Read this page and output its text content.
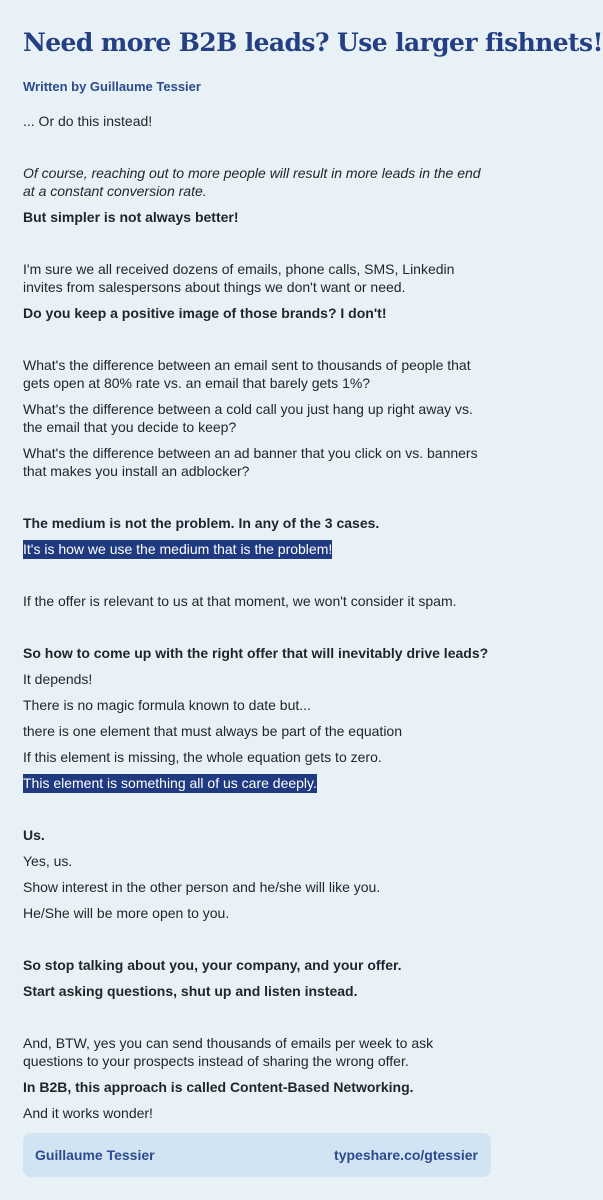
Need more B2B leads? Use larger fishnets!
Written by Guillaume Tessier

... Or do this instead!

Of course, reaching out to more people will result in more leads in the end at a constant conversion rate.

But simpler is not always better!

I'm sure we all received dozens of emails, phone calls, SMS, Linkedin invites from salespersons about things we don't want or need.

Do you keep a positive image of those brands? I don't!

What's the difference between an email sent to thousands of people that gets open at 80% rate vs. an email that barely gets 1%?

What's the difference between a cold call you just hang up right away vs. the email that you decide to keep?

What's the difference between an ad banner that you click on vs. banners that makes you install an adblocker?

The medium is not the problem. In any of the 3 cases.

It's is how we use the medium that is the problem!

If the offer is relevant to us at that moment, we won't consider it spam.

So how to come up with the right offer that will inevitably drive leads?

It depends!

There is no magic formula known to date but...

there is one element that must always be part of the equation

If this element is missing, the whole equation gets to zero.

This element is something all of us care deeply.

Us.

Yes, us.

Show interest in the other person and he/she will like you.

He/She will be more open to you.

So stop talking about you, your company, and your offer.

Start asking questions, shut up and listen instead.

And, BTW, yes you can send thousands of emails per week to ask questions to your prospects instead of sharing the wrong offer.

In B2B, this approach is called Content-Based Networking.

And it works wonder!

Guillaume Tessier	typeshare.co/gtessier
